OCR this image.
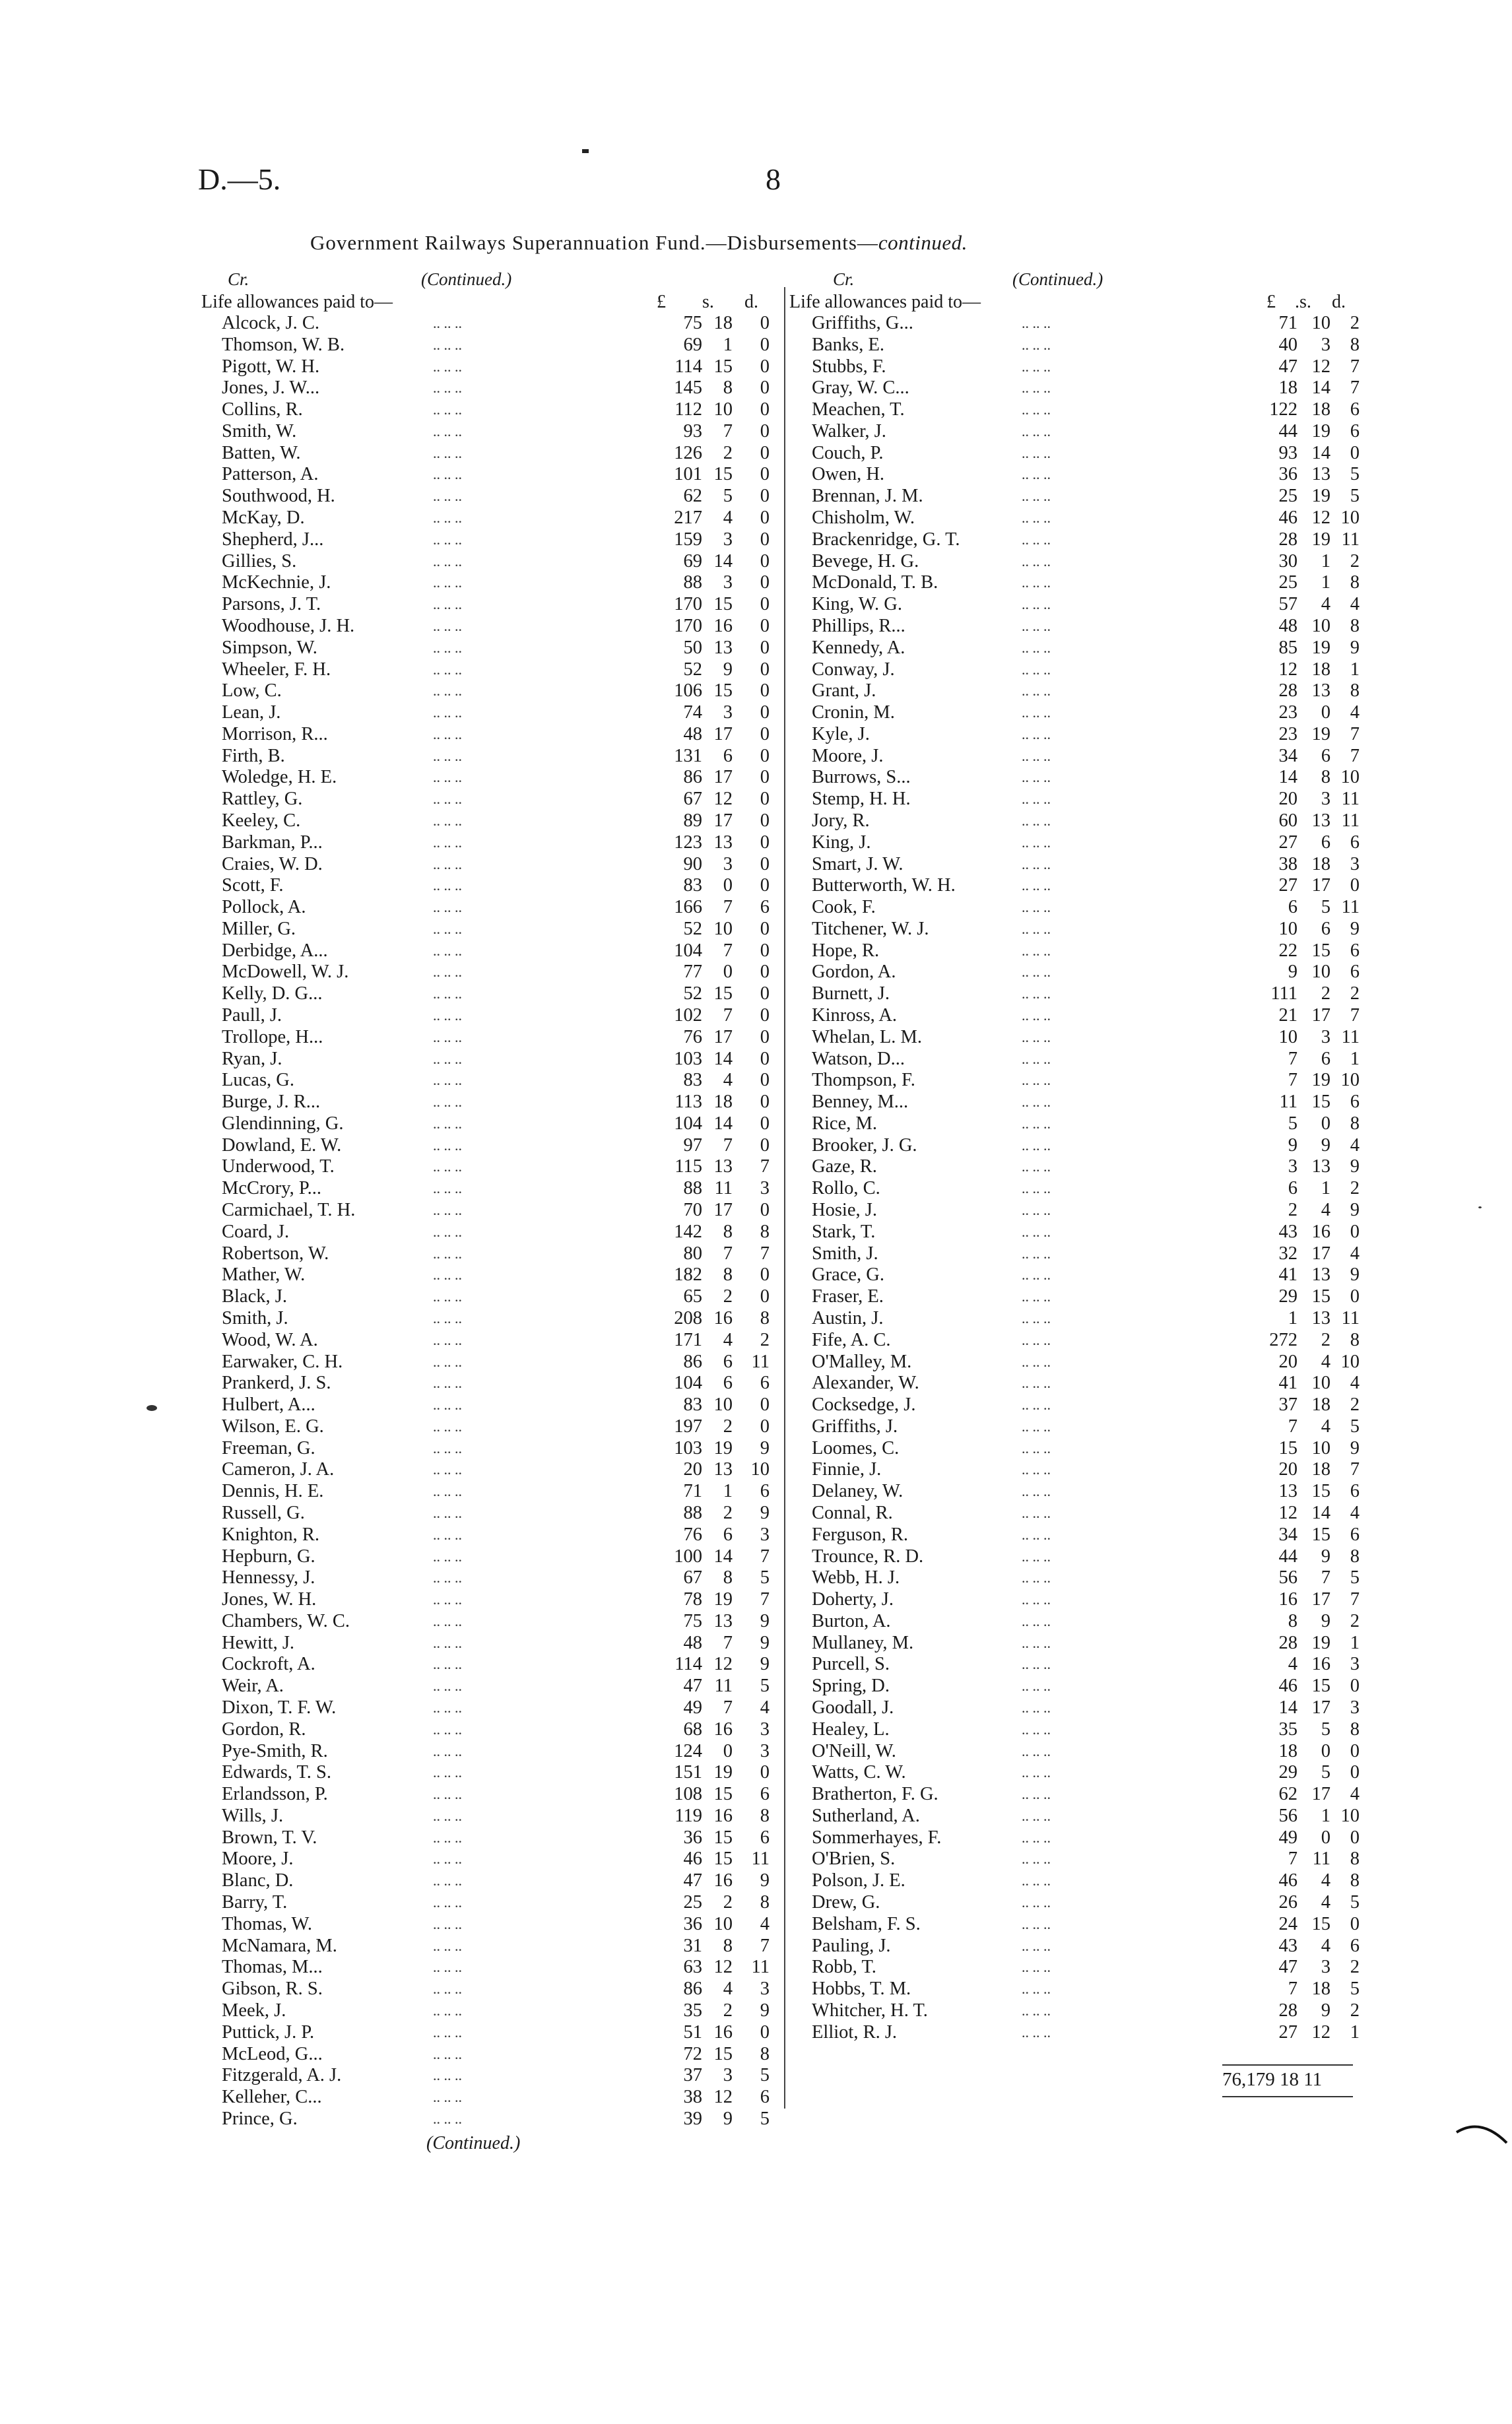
D.—5.	8
Government Railways Superannuation Fund.—Disbursements—continued.
Cr.	(Continued.)
Life allowances paid to—	£ s. d.
Cr.	(Continued.)
Life allowances paid to—	£ .s. d.
Alcock, J. C.	.. .. ..	75 18 0
Thomson, W. B.	.. .. ..	69 1 0
Pigott, W. H.	.. .. ..	114 15 0
Jones, J. W...	.. .. ..	145 8 0
Collins, R.	.. .. ..	112 10 0
Smith, W.	.. .. ..	93 7 0
Batten, W.	.. .. ..	126 2 0
Patterson, A.	.. .. ..	101 15 0
Southwood, H.	.. .. ..	62 5 0
McKay, D.	.. .. ..	217 4 0
Shepherd, J...	.. .. ..	159 3 0
Gillies, S.	.. .. ..	69 14 0
McKechnie, J.	.. .. ..	88 3 0
Parsons, J. T.	.. .. ..	170 15 0
Woodhouse, J. H.	.. .. ..	170 16 0
Simpson, W.	.. .. ..	50 13 0
Wheeler, F. H.	.. .. ..	52 9 0
Low, C.	.. .. ..	106 15 0
Lean, J.	.. .. ..	74 3 0
Morrison, R...	.. .. ..	48 17 0
Firth, B.	.. .. ..	131 6 0
Woledge, H. E.	.. .. ..	86 17 0
Rattley, G.	.. .. ..	67 12 0
Keeley, C.	.. .. ..	89 17 0
Barkman, P...	.. .. ..	123 13 0
Craies, W. D.	.. .. ..	90 3 0
Scott, F.	.. .. ..	83 0 0
Pollock, A.	.. .. ..	166 7 6
Miller, G.	.. .. ..	52 10 0
Derbidge, A...	.. .. ..	104 7 0
McDowell, W. J.	.. .. ..	77 0 0
Kelly, D. G...	.. .. ..	52 15 0
Paull, J.	.. .. ..	102 7 0
Trollope, H...	.. .. ..	76 17 0
Ryan, J.	.. .. ..	103 14 0
Lucas, G.	.. .. ..	83 4 0
Burge, J. R...	.. .. ..	113 18 0
Glendinning, G.	.. .. ..	104 14 0
Dowland, E. W.	.. .. ..	97 7 0
Underwood, T.	.. .. ..	115 13 7
McCrory, P...	.. .. ..	88 11 3
Carmichael, T. H.	.. .. ..	70 17 0
Coard, J.	.. .. ..	142 8 8
Robertson, W.	.. .. ..	80 7 7
Mather, W.	.. .. ..	182 8 0
Black, J.	.. .. ..	65 2 0
Smith, J.	.. .. ..	208 16 8
Wood, W. A.	.. .. ..	171 4 2
Earwaker, C. H.	.. .. ..	86 6 11
Prankerd, J. S.	.. .. ..	104 6 6
Hulbert, A...	.. .. ..	83 10 0
Wilson, E. G.	.. .. ..	197 2 0
Freeman, G.	.. .. ..	103 19 9
Cameron, J. A.	.. .. ..	20 13 10
Dennis, H. E.	.. .. ..	71 1 6
Russell, G.	.. .. ..	88 2 9
Knighton, R.	.. .. ..	76 6 3
Hepburn, G.	.. .. ..	100 14 7
Hennessy, J.	.. .. ..	67 8 5
Jones, W. H.	.. .. ..	78 19 7
Chambers, W. C.	.. .. ..	75 13 9
Hewitt, J.	.. .. ..	48 7 9
Cockroft, A.	.. .. ..	114 12 9
Weir, A.	.. .. ..	47 11 5
Dixon, T. F. W.	.. .. ..	49 7 4
Gordon, R.	.. .. ..	68 16 3
Pye-Smith, R.	.. .. ..	124 0 3
Edwards, T. S.	.. .. ..	151 19 0
Erlandsson, P.	.. .. ..	108 15 6
Wills, J.	.. .. ..	119 16 8
Brown, T. V.	.. .. ..	36 15 6
Moore, J.	.. .. ..	46 15 11
Blanc, D.	.. .. ..	47 16 9
Barry, T.	.. .. ..	25 2 8
Thomas, W.	.. .. ..	36 10 4
McNamara, M.	.. .. ..	31 8 7
Thomas, M...	.. .. ..	63 12 11
Gibson, R. S.	.. .. ..	86 4 3
Meek, J.	.. .. ..	35 2 9
Puttick, J. P.	.. .. ..	51 16 0
McLeod, G...	.. .. ..	72 15 8
Fitzgerald, A. J.	.. .. ..	37 3 5
Kelleher, C...	.. .. ..	38 12 6
Prince, G.	.. .. ..	39 9 5
Griffiths, G...	.. .. ..	71 10 2
Banks, E.	.. .. ..	40 3 8
Stubbs, F.	.. .. ..	47 12 7
Gray, W. C...	.. .. ..	18 14 7
Meachen, T.	.. .. ..	122 18 6
Walker, J.	.. .. ..	44 19 6
Couch, P.	.. .. ..	93 14 0
Owen, H.	.. .. ..	36 13 5
Brennan, J. M.	.. .. ..	25 19 5
Chisholm, W.	.. .. ..	46 12 10
Brackenridge, G. T.	.. .. ..	28 19 11
Bevege, H. G.	.. .. ..	30 1 2
McDonald, T. B.	.. .. ..	25 1 8
King, W. G.	.. .. ..	57 4 4
Phillips, R...	.. .. ..	48 10 8
Kennedy, A.	.. .. ..	85 19 9
Conway, J.	.. .. ..	12 18 1
Grant, J.	.. .. ..	28 13 8
Cronin, M.	.. .. ..	23 0 4
Kyle, J.	.. .. ..	23 19 7
Moore, J.	.. .. ..	34 6 7
Burrows, S...	.. .. ..	14 8 10
Stemp, H. H.	.. .. ..	20 3 11
Jory, R.	.. .. ..	60 13 11
King, J.	.. .. ..	27 6 6
Smart, J. W.	.. .. ..	38 18 3
Butterworth, W. H.	.. .. ..	27 17 0
Cook, F.	.. .. ..	6 5 11
Titchener, W. J.	.. .. ..	10 6 9
Hope, R.	.. .. ..	22 15 6
Gordon, A.	.. .. ..	9 10 6
Burnett, J.	.. .. ..	111 2 2
Kinross, A.	.. .. ..	21 17 7
Whelan, L. M.	.. .. ..	10 3 11
Watson, D...	.. .. ..	7 6 1
Thompson, F.	.. .. ..	7 19 10
Benney, M...	.. .. ..	11 15 6
Rice, M.	.. .. ..	5 0 8
Brooker, J. G.	.. .. ..	9 9 4
Gaze, R.	.. .. ..	3 13 9
Rollo, C.	.. .. ..	6 1 2
Hosie, J.	.. .. ..	2 4 9
Stark, T.	.. .. ..	43 16 0
Smith, J.	.. .. ..	32 17 4
Grace, G.	.. .. ..	41 13 9
Fraser, E.	.. .. ..	29 15 0
Austin, J.	.. .. ..	1 13 11
Fife, A. C.	.. .. ..	272 2 8
O'Malley, M.	.. .. ..	20 4 10
Alexander, W.	.. .. ..	41 10 4
Cocksedge, J.	.. .. ..	37 18 2
Griffiths, J.	.. .. ..	7 4 5
Loomes, C.	.. .. ..	15 10 9
Finnie, J.	.. .. ..	20 18 7
Delaney, W.	.. .. ..	13 15 6
Connal, R.	.. .. ..	12 14 4
Ferguson, R.	.. .. ..	34 15 6
Trounce, R. D.	.. .. ..	44 9 8
Webb, H. J.	.. .. ..	56 7 5
Doherty, J.	.. .. ..	16 17 7
Burton, A.	.. .. ..	8 9 2
Mullaney, M.	.. .. ..	28 19 1
Purcell, S.	.. .. ..	4 16 3
Spring, D.	.. .. ..	46 15 0
Goodall, J.	.. .. ..	14 17 3
Healey, L.	.. .. ..	35 5 8
O'Neill, W.	.. .. ..	18 0 0
Watts, C. W.	.. .. ..	29 5 0
Bratherton, F. G.	.. .. ..	62 17 4
Sutherland, A.	.. .. ..	56 1 10
Sommerhayes, F.	.. .. ..	49 0 0
O'Brien, S.	.. .. ..	7 11 8
Polson, J. E.	.. .. ..	46 4 8
Drew, G.	.. .. ..	26 4 5
Belsham, F. S.	.. .. ..	24 15 0
Pauling, J.	.. .. ..	43 4 6
Robb, T.	.. .. ..	47 3 2
Hobbs, T. M.	.. .. ..	7 18 5
Whitcher, H. T.	.. .. ..	28 9 2
Elliot, R. J.	.. .. ..	27 12 1
76,179 18 11
(Continued.)
